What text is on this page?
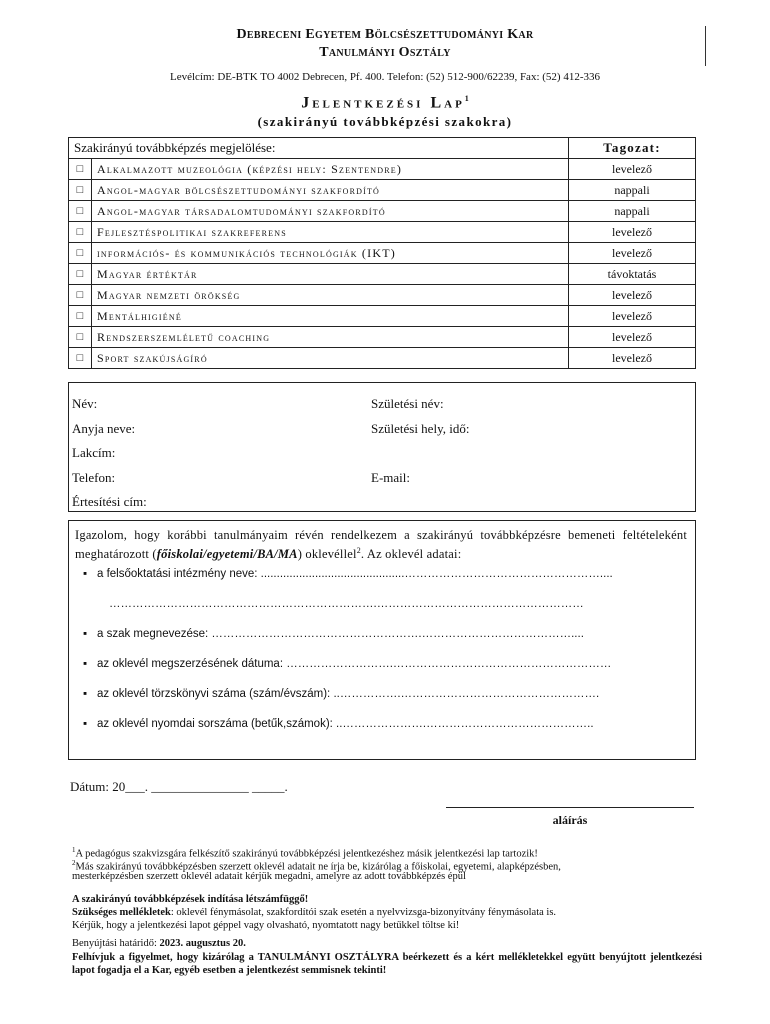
Debreceni Egyetem Bölcsészettudományi Kar
Tanulmányi Osztály
Levélcím: DE-BTK TO 4002 Debrecen, Pf. 400. Telefon: (52) 512-900/62239, Fax: (52) 412-336
Jelentkezési Lap$^1$
(szakirányú továbbképzési szakokra)
Szakirányú továbbképzés megjelölése:		Tagozat:
□	Alkalmazott muzeológia (képzési hely: Szentendre)	levelező
□	Angol-magyar bölcsészettudományi szakfordító	nappali
□	Angol-magyar társadalomtudományi szakfordító	nappali
□	Fejlesztéspolitikai szakreferens	levelező
□	információs- és kommunikációs technológiák (IKT)	levelező
□	Magyar értéktár	távoktatás
□	Magyar nemzeti örökség	levelező
□	Mentálhigiéné	levelező
□	Rendszerszemléletű coaching	levelező
□	Sport szakújságíró	levelező
Név:	Születési név:
Anyja neve:	Születési hely, idő:
Lakcím:
Telefon:	E-mail:
Értesítési cím:
Igazolom, hogy korábbi tanulmányaim révén rendelkezem a szakirányú továbbképzésre bemeneti feltételeként meghatározott (főiskolai/egyetemi/BA/MA) oklevéllel$^2$. Az oklevél adatai:
▪ a felsőoktatási intézmény neve: .............................................……………………………………………....
…………………………………………………………….………………………………………………
▪ a szak megnevezése: ……………………………………………….…………………………………....
▪ az oklevél megszerzésének dátuma: ……………………….…………………………………………………
▪ az oklevél törzskönyvi száma (szám/évszám): ..…………….…………………………………………….
▪ az oklevél nyomdai sorszáma (betűk,számok): ..………………….……………………………………..
Dátum: 20___. _______________ _____.
aláírás
$^1$A pedagógus szakvizsgára felkészítő szakirányú továbbképzési jelentkezéshez másik jelentkezési lap tartozik!
$^2$Más szakirányú továbbképzésben szerzett oklevél adatait ne írja be, kizárólag a főiskolai, egyetemi, alapképzésben,
mesterképzésben szerzett oklevél adatait kérjük megadni, amelyre az adott továbbképzés épül
A szakirányú továbbképzések indítása létszámfüggő!
Szükséges mellékletek: oklevél fénymásolat, szakfordítói szak esetén a nyelvvizsga-bizonyítvány fénymásolata is.
Kérjük, hogy a jelentkezési lapot géppel vagy olvasható, nyomtatott nagy betűkkel töltse ki!
Benyújtási határidő: 2023. augusztus 20.
Felhívjuk a figyelmet, hogy kizárólag a TANULMÁNYI OSZTÁLYRA beérkezett és a kért mellékletekkel együtt benyújtott jelentkezési lapot fogadja el a Kar, egyéb esetben a jelentkezést semmisnek tekinti!
